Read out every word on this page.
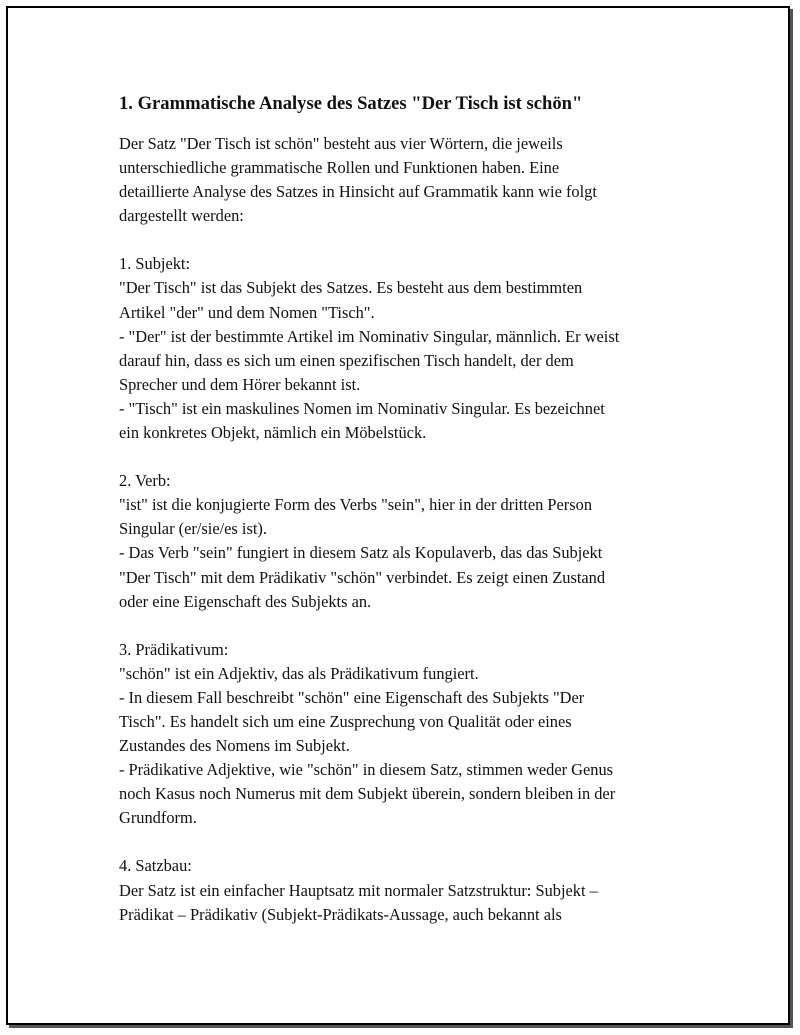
1. Grammatische Analyse des Satzes "Der Tisch ist schön"
Der Satz "Der Tisch ist schön" besteht aus vier Wörtern, die jeweils
unterschiedliche grammatische Rollen und Funktionen haben. Eine
detaillierte Analyse des Satzes in Hinsicht auf Grammatik kann wie folgt
dargestellt werden:
1. Subjekt:
"Der Tisch" ist das Subjekt des Satzes. Es besteht aus dem bestimmten
Artikel "der" und dem Nomen "Tisch".
- "Der" ist der bestimmte Artikel im Nominativ Singular, männlich. Er weist
darauf hin, dass es sich um einen spezifischen Tisch handelt, der dem
Sprecher und dem Hörer bekannt ist.
- "Tisch" ist ein maskulines Nomen im Nominativ Singular. Es bezeichnet
ein konkretes Objekt, nämlich ein Möbelstück.
2. Verb:
"ist" ist die konjugierte Form des Verbs "sein", hier in der dritten Person
Singular (er/sie/es ist).
- Das Verb "sein" fungiert in diesem Satz als Kopulaverb, das das Subjekt
"Der Tisch" mit dem Prädikativ "schön" verbindet. Es zeigt einen Zustand
oder eine Eigenschaft des Subjekts an.
3. Prädikativum:
"schön" ist ein Adjektiv, das als Prädikativum fungiert.
- In diesem Fall beschreibt "schön" eine Eigenschaft des Subjekts "Der
Tisch". Es handelt sich um eine Zusprechung von Qualität oder eines
Zustandes des Nomens im Subjekt.
- Prädikative Adjektive, wie "schön" in diesem Satz, stimmen weder Genus
noch Kasus noch Numerus mit dem Subjekt überein, sondern bleiben in der
Grundform.
4. Satzbau:
Der Satz ist ein einfacher Hauptsatz mit normaler Satzstruktur: Subjekt –
Prädikat – Prädikativ (Subjekt-Prädikats-Aussage, auch bekannt als
